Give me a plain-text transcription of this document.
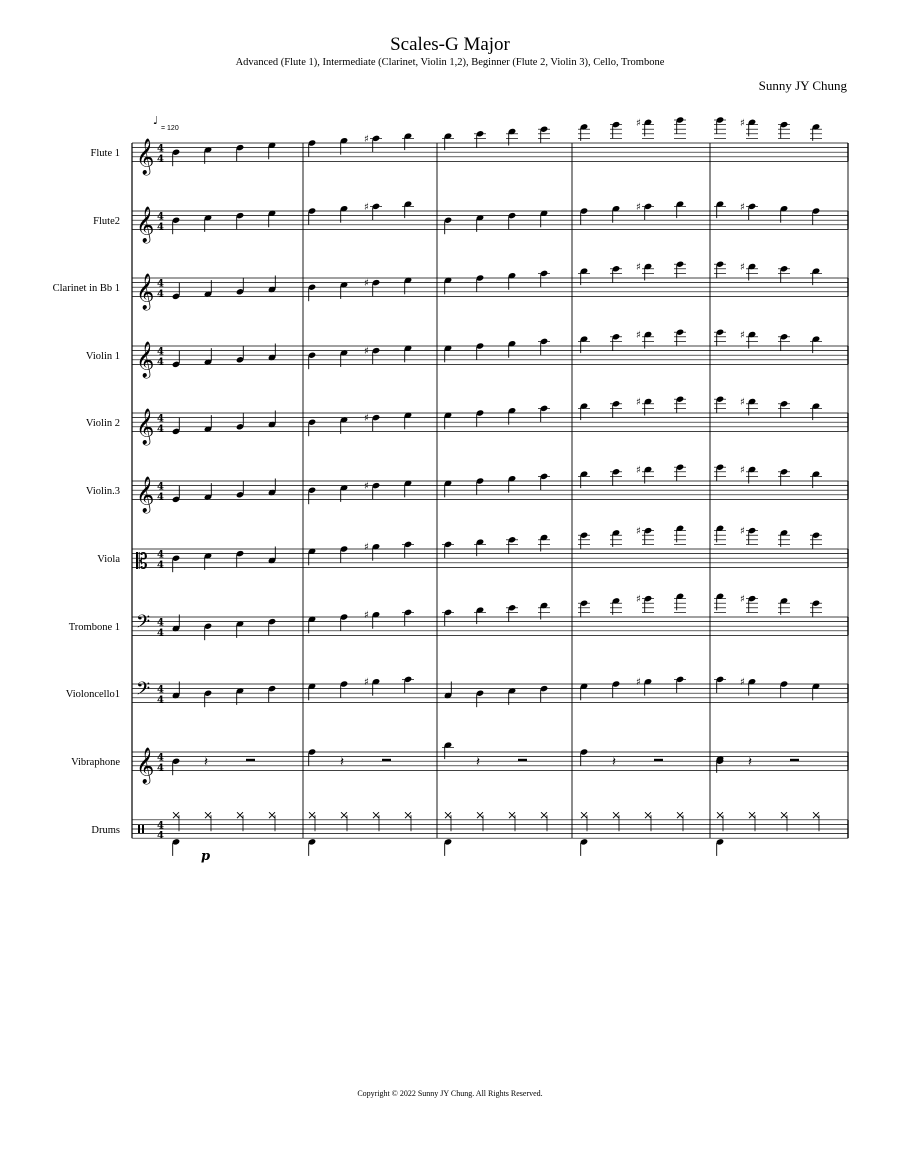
Scales-G Major
Advanced (Flute 1), Intermediate (Clarinet, Violin 1,2), Beginner (Flute 2, Violin 3), Cello, Trombone
Sunny JY Chung
♩
= 120
Flute 1 𝄞 4
4
♯
♯	♯
Flute2 𝄞 4
4
♯	♯	♯
Clarinet in Bb 1 𝄞 4
4
♯
♯	♯
Violin 1 𝄞 4
4
♯
♯	♯
Violin 2 𝄞 4
4
♯
♯	♯
Violin.3 𝄞 4
4
♯
♯	♯
Viola 𝄡 4
4
♯
♯	♯
Trombone 1 𝄢 4
4
♯
♯	♯
Violoncello1 𝄢 4
4
♯	♯	♯
Vibraphone 𝄞 4
4	𝄽	𝄽	𝄽	𝄽	𝄽
Drums	4
4
p
Copyright © 2022 Sunny JY Chung. All Rights Reserved.
